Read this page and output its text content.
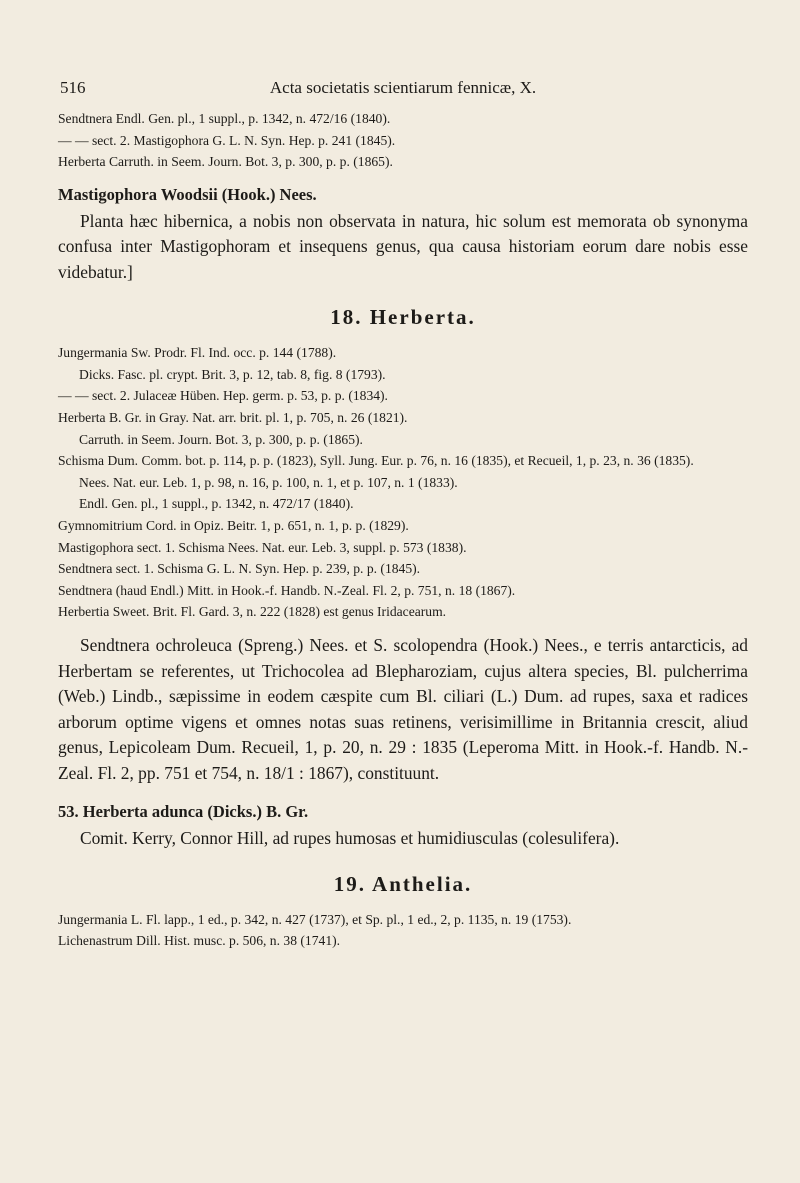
516	Acta societatis scientiarum fennicæ, X.

Sendtnera Endl. Gen. pl., 1 suppl., p. 1342, n. 472/16 (1840).

— — sect. 2. Mastigophora G. L. N. Syn. Hep. p. 241 (1845).

Herberta Carruth. in Seem. Journ. Bot. 3, p. 300, p. p. (1865).

Mastigophora Woodsii (Hook.) Nees.

Planta hæc hibernica, a nobis non observata in natura, hic solum est memorata ob synonyma confusa inter Mastigophoram et insequens genus, qua causa historiam eorum dare nobis esse videbatur.]

18. Herberta.

Jungermania Sw. Prodr. Fl. Ind. occ. p. 144 (1788).

Dicks. Fasc. pl. crypt. Brit. 3, p. 12, tab. 8, fig. 8 (1793).

— — sect. 2. Julaceæ Hüben. Hep. germ. p. 53, p. p. (1834).

Herberta B. Gr. in Gray. Nat. arr. brit. pl. 1, p. 705, n. 26 (1821).

Carruth. in Seem. Journ. Bot. 3, p. 300, p. p. (1865).

Schisma Dum. Comm. bot. p. 114, p. p. (1823), Syll. Jung. Eur. p. 76, n. 16 (1835), et Recueil, 1, p. 23, n. 36 (1835).

Nees. Nat. eur. Leb. 1, p. 98, n. 16, p. 100, n. 1, et p. 107, n. 1 (1833).

Endl. Gen. pl., 1 suppl., p. 1342, n. 472/17 (1840).

Gymnomitrium Cord. in Opiz. Beitr. 1, p. 651, n. 1, p. p. (1829).

Mastigophora sect. 1. Schisma Nees. Nat. eur. Leb. 3, suppl. p. 573 (1838).

Sendtnera sect. 1. Schisma G. L. N. Syn. Hep. p. 239, p. p. (1845).

Sendtnera (haud Endl.) Mitt. in Hook.-f. Handb. N.-Zeal. Fl. 2, p. 751, n. 18 (1867).

Herbertia Sweet. Brit. Fl. Gard. 3, n. 222 (1828) est genus Iridacearum.

Sendtnera ochroleuca (Spreng.) Nees. et S. scolopendra (Hook.) Nees., e terris antarcticis, ad Herbertam se referentes, ut Trichocolea ad Blepharoziam, cujus altera species, Bl. pulcherrima (Web.) Lindb., sæpissime in eodem cæspite cum Bl. ciliari (L.) Dum. ad rupes, saxa et radices arborum optime vigens et omnes notas suas retinens, verisimillime in Britannia crescit, aliud genus, Lepicoleam Dum. Recueil, 1, p. 20, n. 29 : 1835 (Leperoma Mitt. in Hook.-f. Handb. N.-Zeal. Fl. 2, pp. 751 et 754, n. 18/1 : 1867), constituunt.

53. Herberta adunca (Dicks.) B. Gr.

Comit. Kerry, Connor Hill, ad rupes humosas et humidiusculas (colesulifera).

19. Anthelia.

Jungermania L. Fl. lapp., 1 ed., p. 342, n. 427 (1737), et Sp. pl., 1 ed., 2, p. 1135, n. 19 (1753).

Lichenastrum Dill. Hist. musc. p. 506, n. 38 (1741).
